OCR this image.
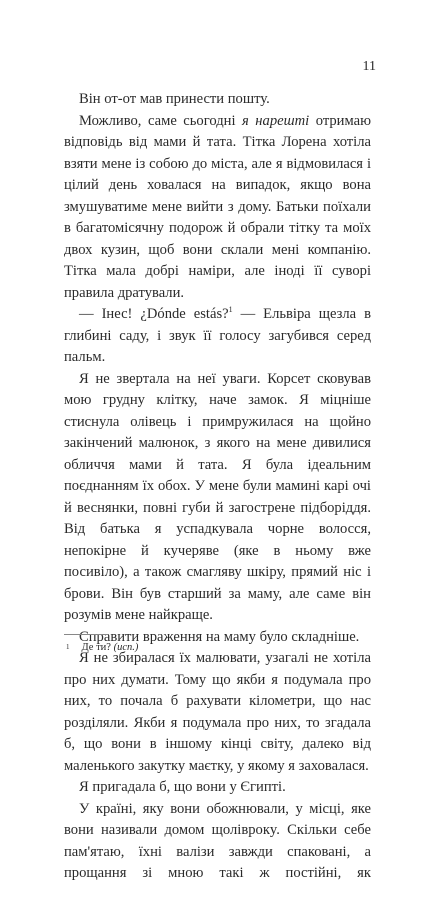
11

Він от-от мав принести пошту.

Можливо, саме сьогодні я нарешті отримаю відповідь від мами й тата. Тітка Лорена хотіла взяти мене із собою до міста, але я відмовилася і цілий день ховалася на випадок, якщо вона змушуватиме мене вийти з дому. Батьки поїхали в багатомісячну подорож й обрали тітку та моїх двох кузин, щоб вони склали мені компанію. Тітка мала добрі наміри, але іноді її суворі правила дратували.

— Інес! ¿Dónde estás?$^1$ — Ельвіра щезла в глибині саду, і звук її голосу загубився серед пальм.

Я не зверталa на неї уваги. Корсет сковував мою грудну клітку, наче замок. Я міцніше стиснула олівець і примружилася на щойно закінчений малюнок, з якого на мене дивилися обличчя мами й тата. Я була ідеальним поєднанням їх обох. У мене були мамині карі очі й веснянки, повні губи й загострене підборіддя. Від батька я успадкувала чорне волосся, непокірне й кучеряве (яке в ньому вже посивіло), а також смагляву шкіру, прямий ніс і брови. Він був старший за маму, але саме він розумів мене найкраще.

Справити враження на маму було складніше.

Я не збиралася їх малювати, узагалі не хотіла про них думати. Тому що якби я подумала про них, то почала б рахувати кілометри, що нас розділяли. Якби я подумала про них, то згадала б, що вони в іншому кінці світу, далеко від маленького закутку маєтку, у якому я заховалася.

Я пригадала б, що вони у Єгипті.

У країні, яку вони обожнювали, у місці, яке вони називали домом щоліврокy. Скільки себе пам'ятаю, їхні валізи завжди спаковані, а прощання зі мною такі ж постійні, як

$^1$ Де ти? (исп.)
